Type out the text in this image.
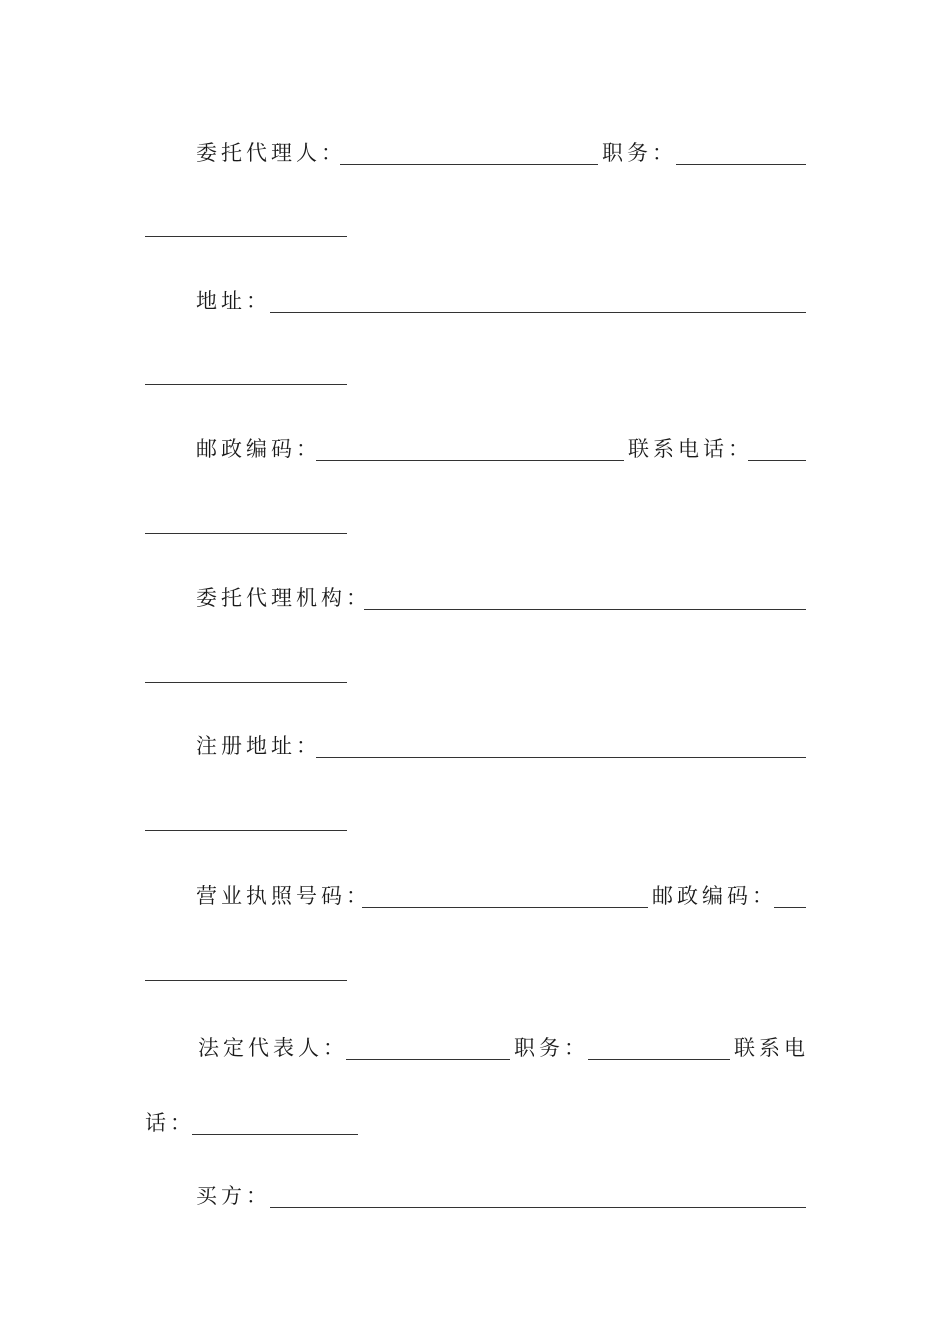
委托代理人：	职务：
地址：
邮政编码：	联系电话：
委托代理机构：
注册地址：
营业执照号码：	邮政编码：
法定代表人：	职务：	联系电
话：
买方：
